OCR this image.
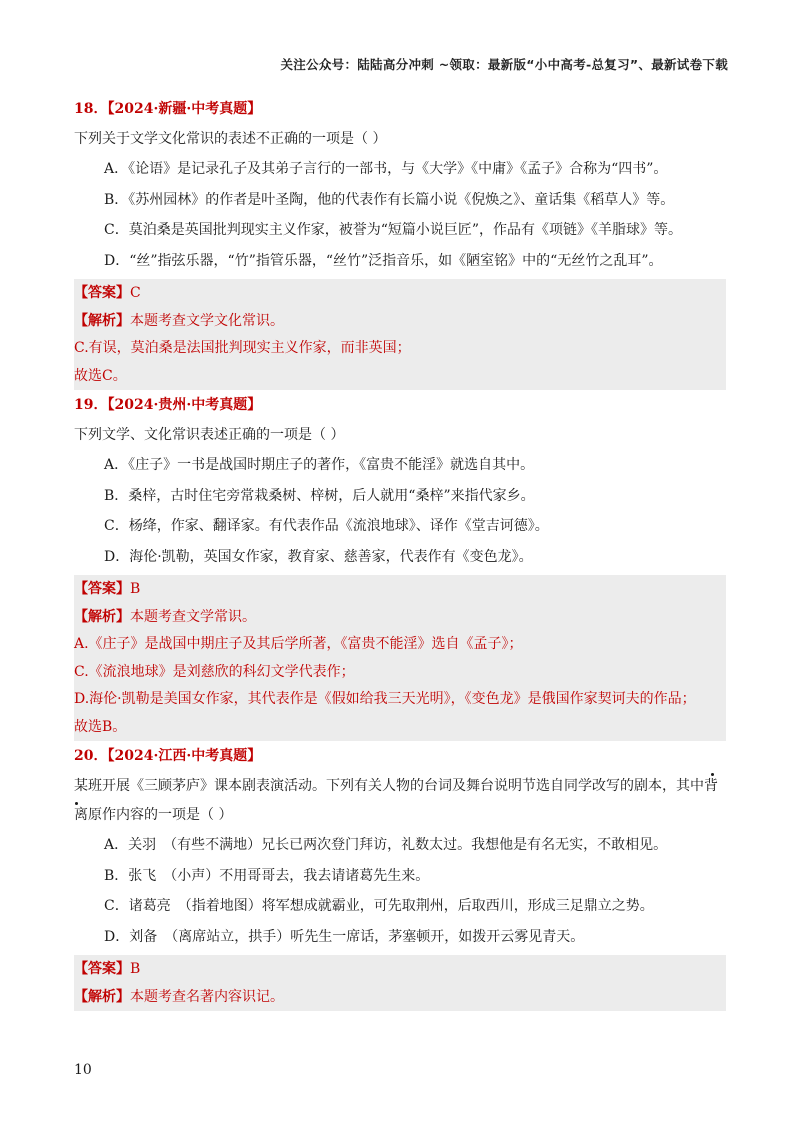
关注公众号：陆陆高分冲刺 ~领取：最新版“小中高考-总复习”、最新试卷下载
18．【2024·新疆·中考真题】
下列关于文学文化常识的表述不正确的一项是（ ）
A．《论语》是记录孔子及其弟子言行的一部书，与《大学》《中庸》《孟子》合称为“四书”。
B．《苏州园林》的作者是叶圣陶，他的代表作有长篇小说《倪焕之》、童话集《稻草人》等。
C．莫泊桑是英国批判现实主义作家，被誉为“短篇小说巨匠”，作品有《项链》《羊脂球》等。
D．“丝”指弦乐器，“竹”指管乐器，“丝竹”泛指音乐，如《陋室铭》中的“无丝竹之乱耳”。
【答案】C
【解析】本题考查文学文化常识。
C.有误，莫泊桑是法国批判现实主义作家，而非英国；
故选C。
19．【2024·贵州·中考真题】
下列文学、文化常识表述正确的一项是（ ）
A．《庄子》一书是战国时期庄子的著作，《富贵不能淫》就选自其中。
B．桑梓，古时住宅旁常栽桑树、梓树，后人就用“桑梓”来指代家乡。
C．杨绛，作家、翻译家。有代表作品《流浪地球》、译作《堂吉诃德》。
D．海伦·凯勒，英国女作家，教育家、慈善家，代表作有《变色龙》。
【答案】B
【解析】本题考查文学常识。
A.《庄子》是战国中期庄子及其后学所著，《富贵不能淫》选自《孟子》；
C.《流浪地球》是刘慈欣的科幻文学代表作；
D.海伦·凯勒是美国女作家，其代表作是《假如给我三天光明》，《变色龙》是俄国作家契诃夫的作品；
故选B。
20．【2024·江西·中考真题】
某班开展《三顾茅庐》课本剧表演活动。下列有关人物的台词及舞台说明节选自同学改写的剧本，其中背
离原作内容的一项是（ ）
A．关羽　（有些不满地）兄长已两次登门拜访，礼数太过。我想他是有名无实，不敢相见。
B．张飞　（小声）不用哥哥去，我去请诸葛先生来。
C．诸葛亮　（指着地图）将军想成就霸业，可先取荆州，后取西川，形成三足鼎立之势。
D．刘备　（离席站立，拱手）听先生一席话，茅塞顿开，如拨开云雾见青天。
【答案】B
【解析】本题考查名著内容识记。
10
